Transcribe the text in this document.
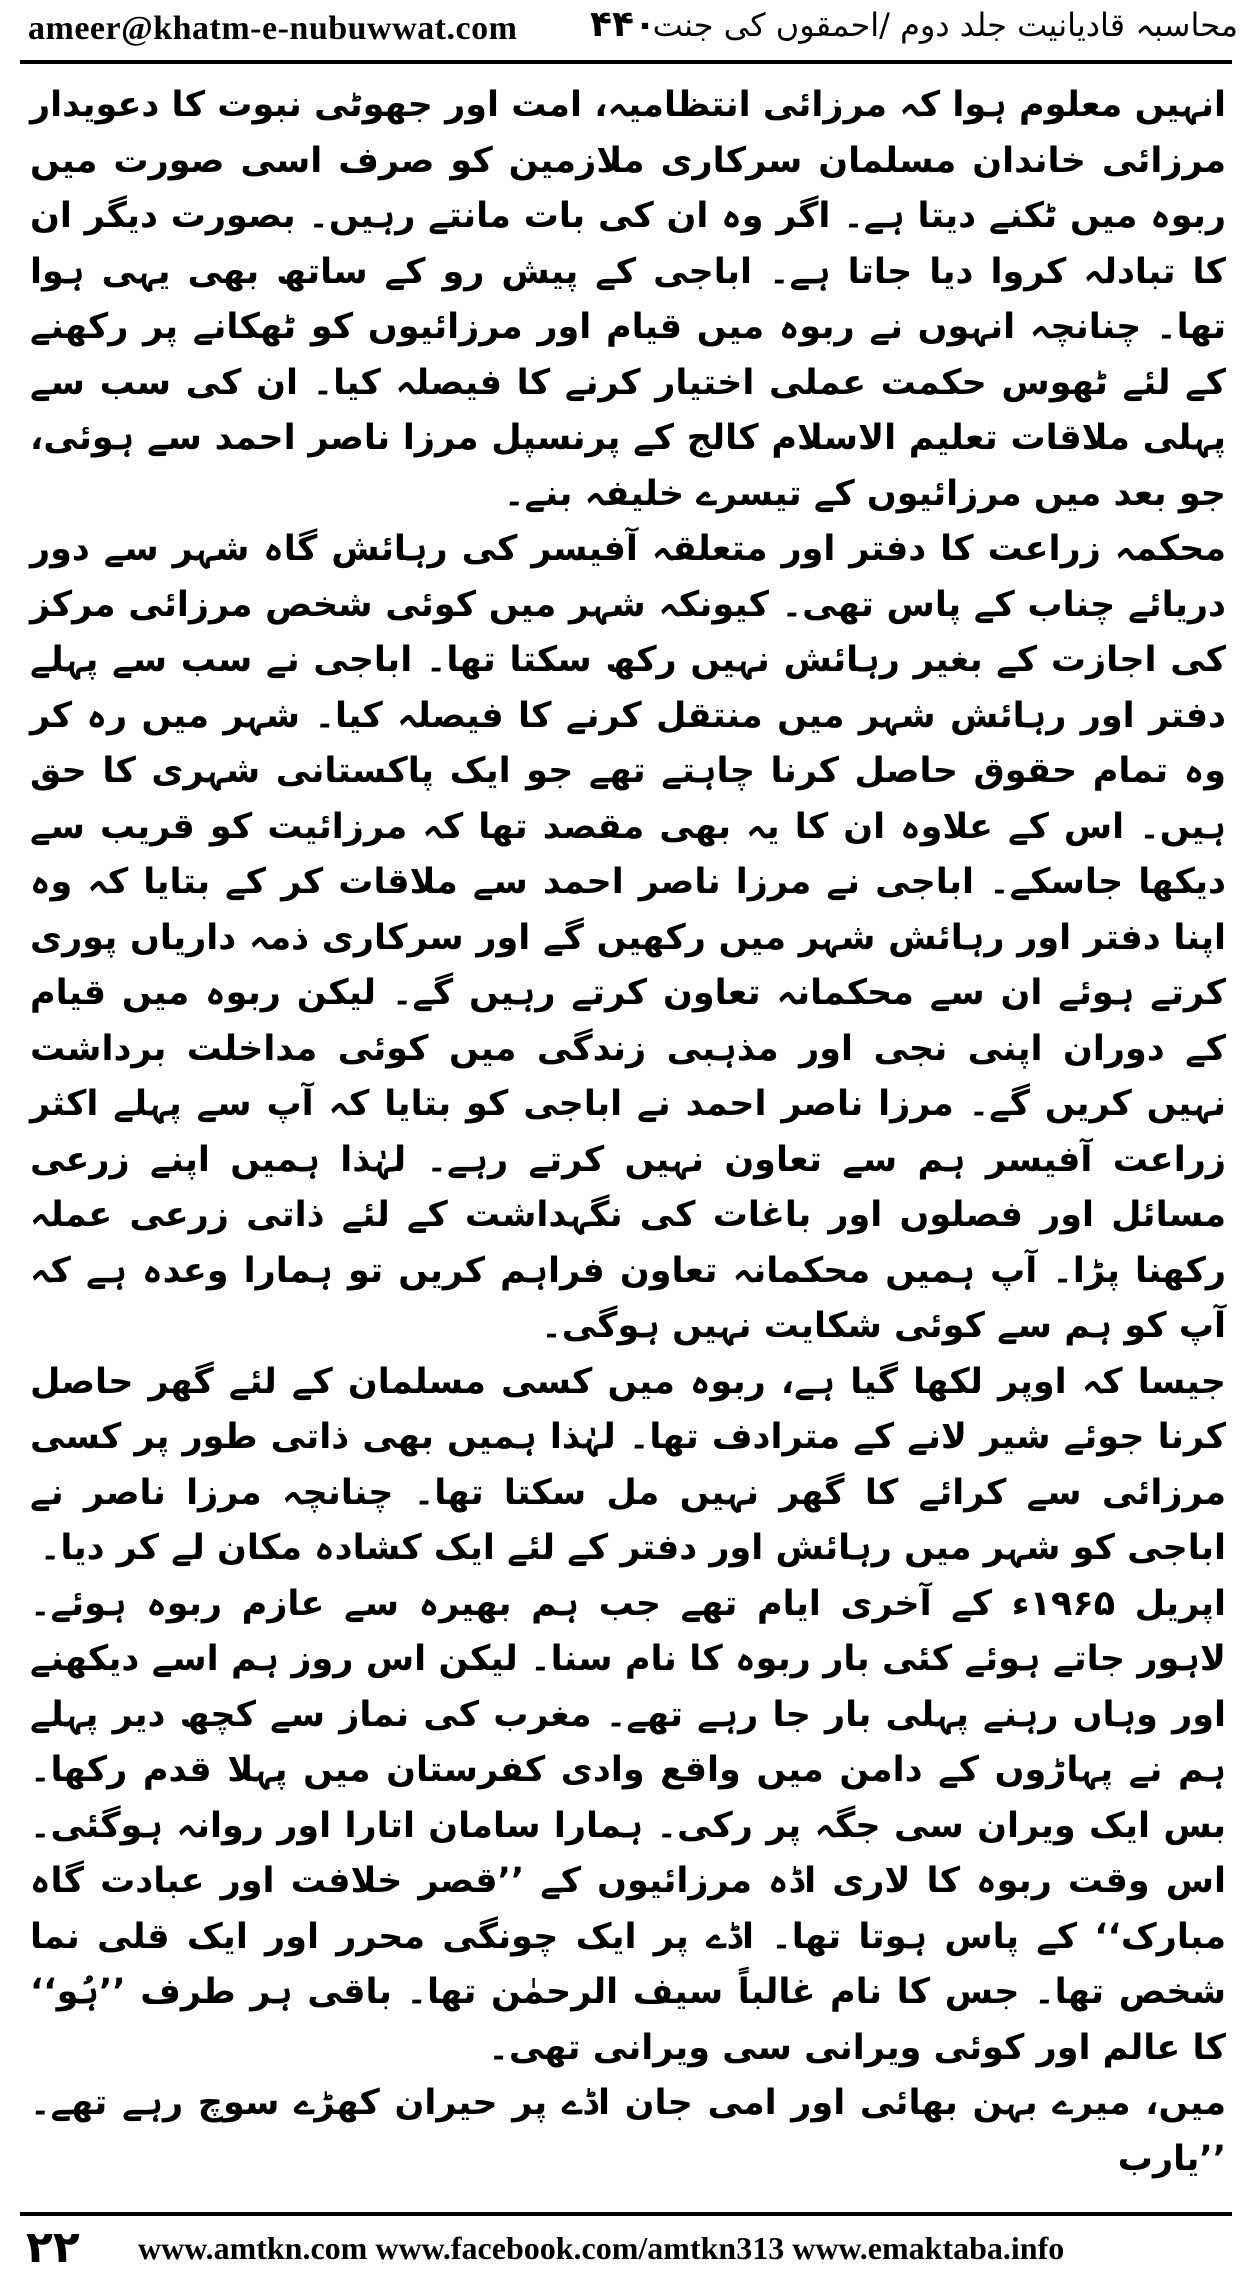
ameer@khatm-e-nubuwwat.com ۴۴۰
محاسبہ قادیانیت جلد دوم /احمقوں کی جنت

انہیں معلوم ہوا کہ مرزائی انتظامیہ، امت اور جھوٹی نبوت کا دعویدار مرزائی خاندان مسلمان سرکاری ملازمین کو صرف اسی صورت میں ربوہ میں ٹکنے دیتا ہے۔ اگر وہ ان کی بات مانتے رہیں۔ بصورت دیگر ان کا تبادلہ کروا دیا جاتا ہے۔ اباجی کے پیش رو کے ساتھ بھی یہی ہوا تھا۔ چنانچہ انہوں نے ربوہ میں قیام اور مرزائیوں کو ٹھکانے پر رکھنے کے لئے ٹھوس حکمت عملی اختیار کرنے کا فیصلہ کیا۔ ان کی سب سے پہلی ملاقات تعلیم الاسلام کالج کے پرنسپل مرزا ناصر احمد سے ہوئی، جو بعد میں مرزائیوں کے تیسرے خلیفہ بنے۔

محکمہ زراعت کا دفتر اور متعلقہ آفیسر کی رہائش گاہ شہر سے دور دریائے چناب کے پاس تھی۔ کیونکہ شہر میں کوئی شخص مرزائی مرکز کی اجازت کے بغیر رہائش نہیں رکھ سکتا تھا۔ اباجی نے سب سے پہلے دفتر اور رہائش شہر میں منتقل کرنے کا فیصلہ کیا۔ شہر میں رہ کر وہ تمام حقوق حاصل کرنا چاہتے تھے جو ایک پاکستانی شہری کا حق ہیں۔ اس کے علاوہ ان کا یہ بھی مقصد تھا کہ مرزائیت کو قریب سے دیکھا جاسکے۔ اباجی نے مرزا ناصر احمد سے ملاقات کر کے بتایا کہ وہ اپنا دفتر اور رہائش شہر میں رکھیں گے اور سرکاری ذمہ داریاں پوری کرتے ہوئے ان سے محکمانہ تعاون کرتے رہیں گے۔ لیکن ربوہ میں قیام کے دوران اپنی نجی اور مذہبی زندگی میں کوئی مداخلت برداشت نہیں کریں گے۔ مرزا ناصر احمد نے اباجی کو بتایا کہ آپ سے پہلے اکثر زراعت آفیسر ہم سے تعاون نہیں کرتے رہے۔ لہٰذا ہمیں اپنے زرعی مسائل اور فصلوں اور باغات کی نگہداشت کے لئے ذاتی زرعی عملہ رکھنا پڑا۔ آپ ہمیں محکمانہ تعاون فراہم کریں تو ہمارا وعدہ ہے کہ آپ کو ہم سے کوئی شکایت نہیں ہوگی۔

جیسا کہ اوپر لکھا گیا ہے، ربوہ میں کسی مسلمان کے لئے گھر حاصل کرنا جوئے شیر لانے کے مترادف تھا۔ لہٰذا ہمیں بھی ذاتی طور پر کسی مرزائی سے کرائے کا گھر نہیں مل سکتا تھا۔ چنانچہ مرزا ناصر نے اباجی کو شہر میں رہائش اور دفتر کے لئے ایک کشادہ مکان لے کر دیا۔

اپریل ۱۹۶۵ء کے آخری ایام تھے جب ہم بھیرہ سے عازم ربوہ ہوئے۔ لاہور جاتے ہوئے کئی بار ربوہ کا نام سنا۔ لیکن اس روز ہم اسے دیکھنے اور وہاں رہنے پہلی بار جا رہے تھے۔ مغرب کی نماز سے کچھ دیر پہلے ہم نے پہاڑوں کے دامن میں واقع وادی کفرستان میں پہلا قدم رکھا۔ بس ایک ویران سی جگہ پر رکی۔ ہمارا سامان اتارا اور روانہ ہوگئی۔ اس وقت ربوہ کا لاری اڈہ مرزائیوں کے ’’قصر خلافت اور عبادت گاہ مبارک‘‘ کے پاس ہوتا تھا۔ اڈے پر ایک چونگی محرر اور ایک قلی نما شخص تھا۔ جس کا نام غالباً سیف الرحمٰن تھا۔ باقی ہر طرف ’’ہُو‘‘ کا عالم اور کوئی ویرانی سی ویرانی تھی۔

میں، میرے بہن بھائی اور امی جان اڈے پر حیران کھڑے سوچ رہے تھے۔ ’’یارب

۲۲ www.amtkn.com www.facebook.com/amtkn313 www.emaktaba.info
